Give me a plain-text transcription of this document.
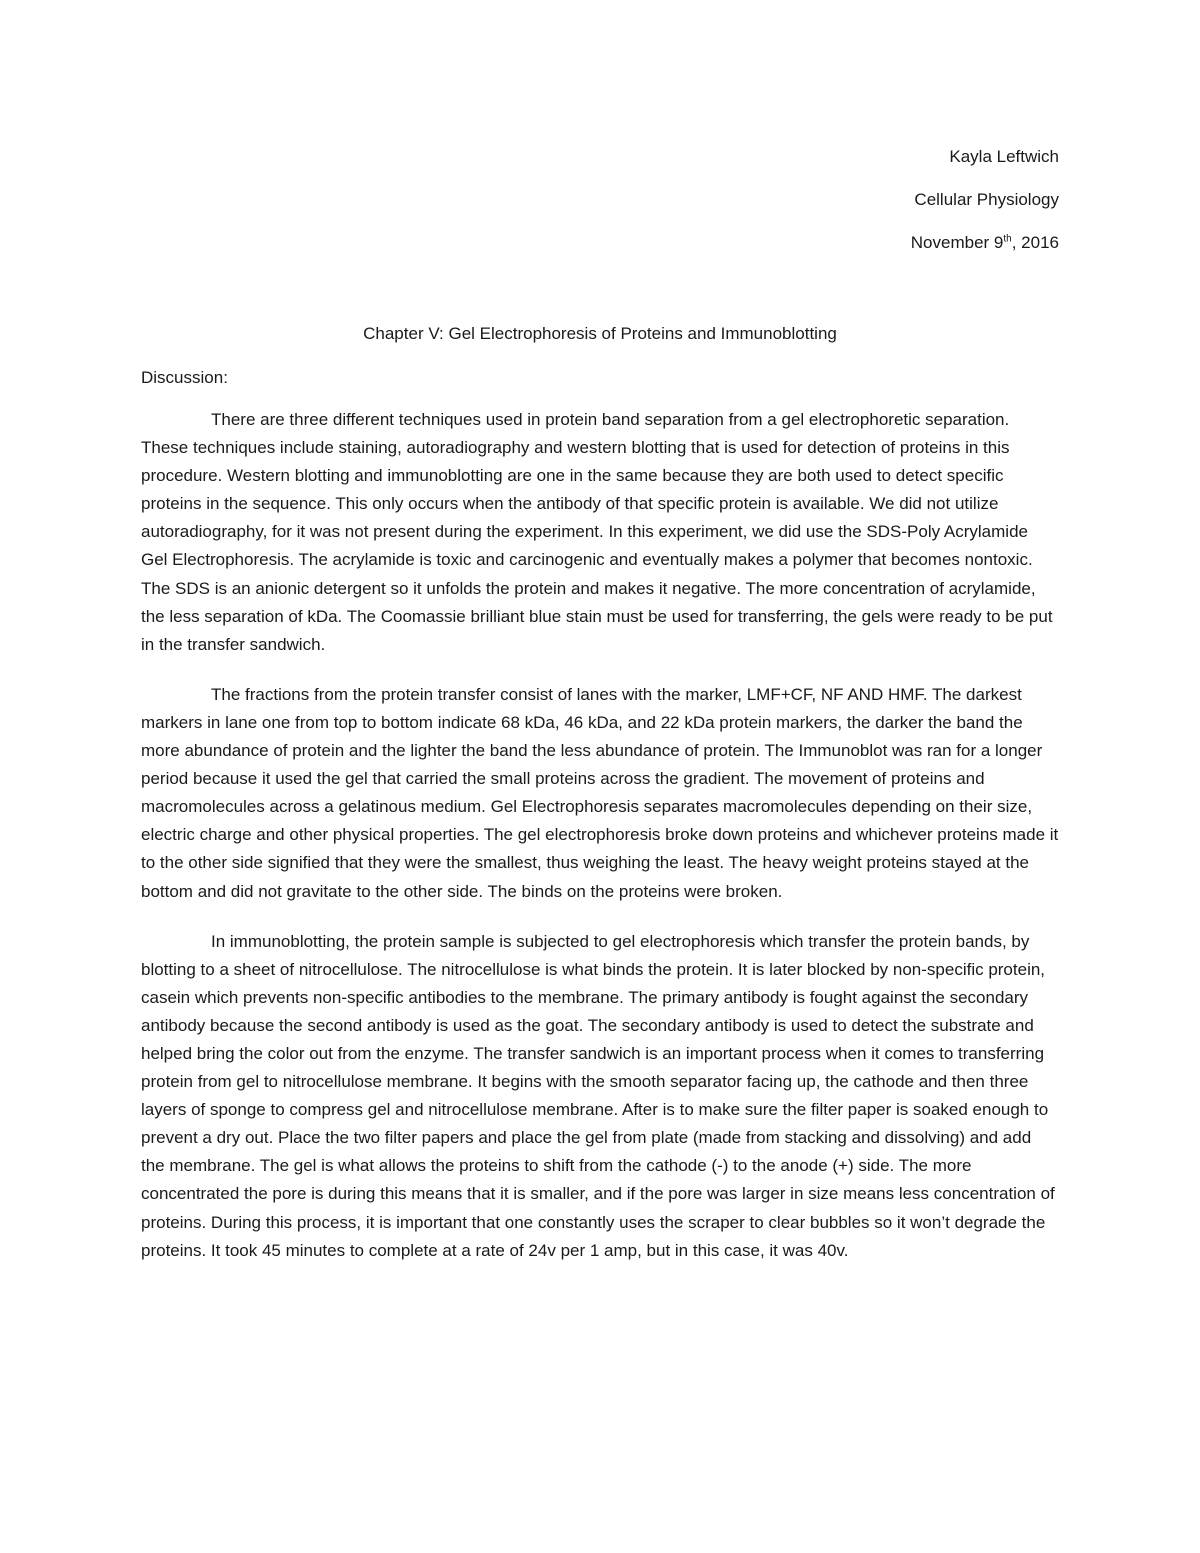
Kayla Leftwich
Cellular Physiology
November 9th, 2016
Chapter V: Gel Electrophoresis of Proteins and Immunoblotting
Discussion:

There are three different techniques used in protein band separation from a gel electrophoretic separation. These techniques include staining, autoradiography and western blotting that is used for detection of proteins in this procedure. Western blotting and immunoblotting are one in the same because they are both used to detect specific proteins in the sequence. This only occurs when the antibody of that specific protein is available. We did not utilize autoradiography, for it was not present during the experiment. In this experiment, we did use the SDS-Poly Acrylamide Gel Electrophoresis. The acrylamide is toxic and carcinogenic and eventually makes a polymer that becomes nontoxic. The SDS is an anionic detergent so it unfolds the protein and makes it negative. The more concentration of acrylamide, the less separation of kDa. The Coomassie brilliant blue stain must be used for transferring, the gels were ready to be put in the transfer sandwich.

The fractions from the protein transfer consist of lanes with the marker, LMF+CF, NF AND HMF. The darkest markers in lane one from top to bottom indicate 68 kDa, 46 kDa, and 22 kDa protein markers, the darker the band the more abundance of protein and the lighter the band the less abundance of protein. The Immunoblot was ran for a longer period because it used the gel that carried the small proteins across the gradient. The movement of proteins and macromolecules across a gelatinous medium. Gel Electrophoresis separates macromolecules depending on their size, electric charge and other physical properties. The gel electrophoresis broke down proteins and whichever proteins made it to the other side signified that they were the smallest, thus weighing the least. The heavy weight proteins stayed at the bottom and did not gravitate to the other side. The binds on the proteins were broken.

In immunoblotting, the protein sample is subjected to gel electrophoresis which transfer the protein bands, by blotting to a sheet of nitrocellulose. The nitrocellulose is what binds the protein. It is later blocked by non-specific protein, casein which prevents non-specific antibodies to the membrane. The primary antibody is fought against the secondary antibody because the second antibody is used as the goat. The secondary antibody is used to detect the substrate and helped bring the color out from the enzyme. The transfer sandwich is an important process when it comes to transferring protein from gel to nitrocellulose membrane. It begins with the smooth separator facing up, the cathode and then three layers of sponge to compress gel and nitrocellulose membrane. After is to make sure the filter paper is soaked enough to prevent a dry out. Place the two filter papers and place the gel from plate (made from stacking and dissolving) and add the membrane. The gel is what allows the proteins to shift from the cathode (-) to the anode (+) side. The more concentrated the pore is during this means that it is smaller, and if the pore was larger in size means less concentration of proteins. During this process, it is important that one constantly uses the scraper to clear bubbles so it won’t degrade the proteins. It took 45 minutes to complete at a rate of 24v per 1 amp, but in this case, it was 40v.
